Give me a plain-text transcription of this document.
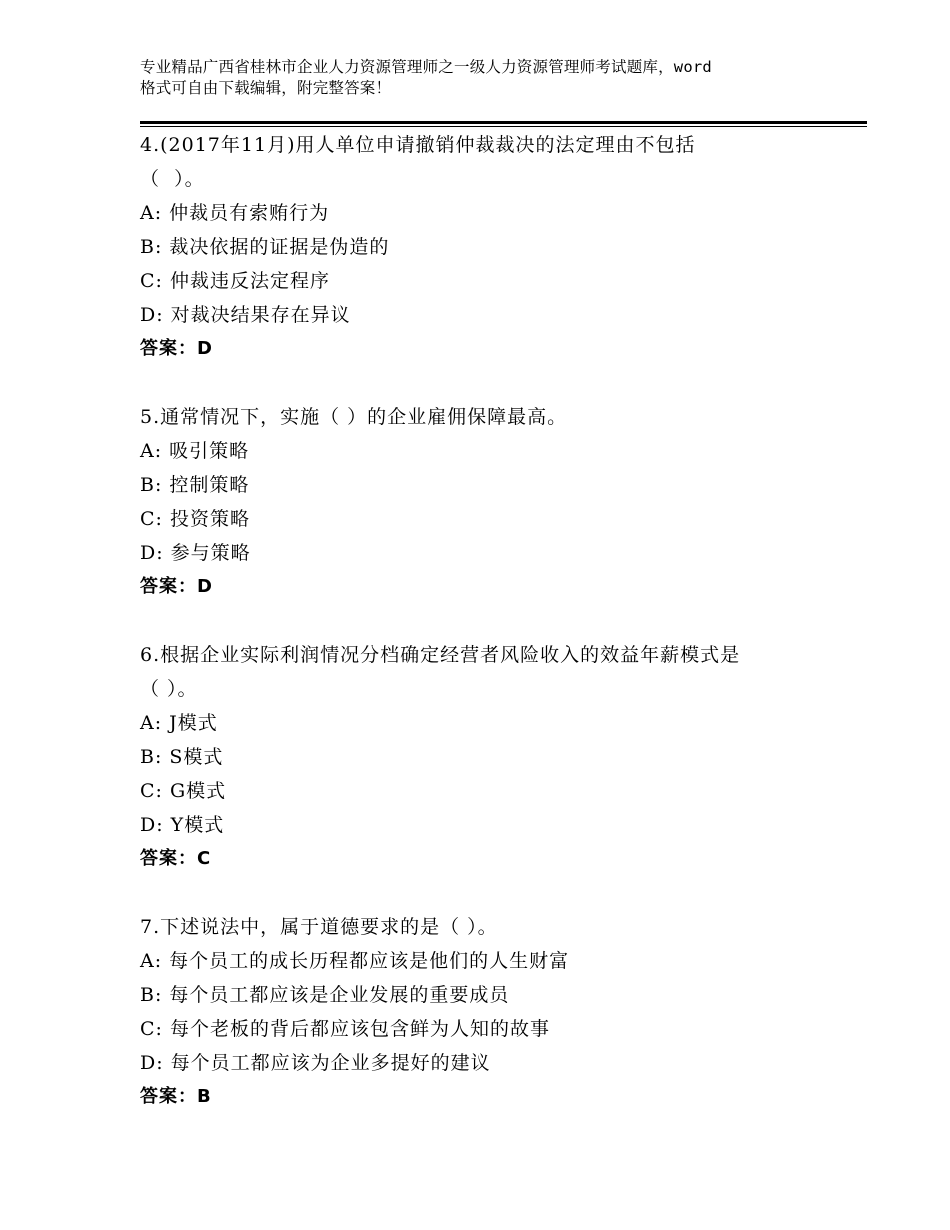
专业精品广西省桂林市企业人力资源管理师之一级人力资源管理师考试题库，word
格式可自由下载编辑，附完整答案！
4.(2017年11月)用人单位申请撤销仲裁裁决的法定理由不包括
（  ）。
A: 仲裁员有索贿行为
B: 裁决依据的证据是伪造的
C: 仲裁违反法定程序
D: 对裁决结果存在异议
答案：D
5.通常情况下，实施（ ）的企业雇佣保障最高。
A: 吸引策略
B: 控制策略
C: 投资策略
D: 参与策略
答案：D
6.根据企业实际利润情况分档确定经营者风险收入的效益年薪模式是
（ ）。
A: J模式
B: S模式
C: G模式
D: Y模式
答案：C
7.下述说法中，属于道德要求的是（ ）。
A: 每个员工的成长历程都应该是他们的人生财富
B: 每个员工都应该是企业发展的重要成员
C: 每个老板的背后都应该包含鲜为人知的故事
D: 每个员工都应该为企业多提好的建议
答案：B
